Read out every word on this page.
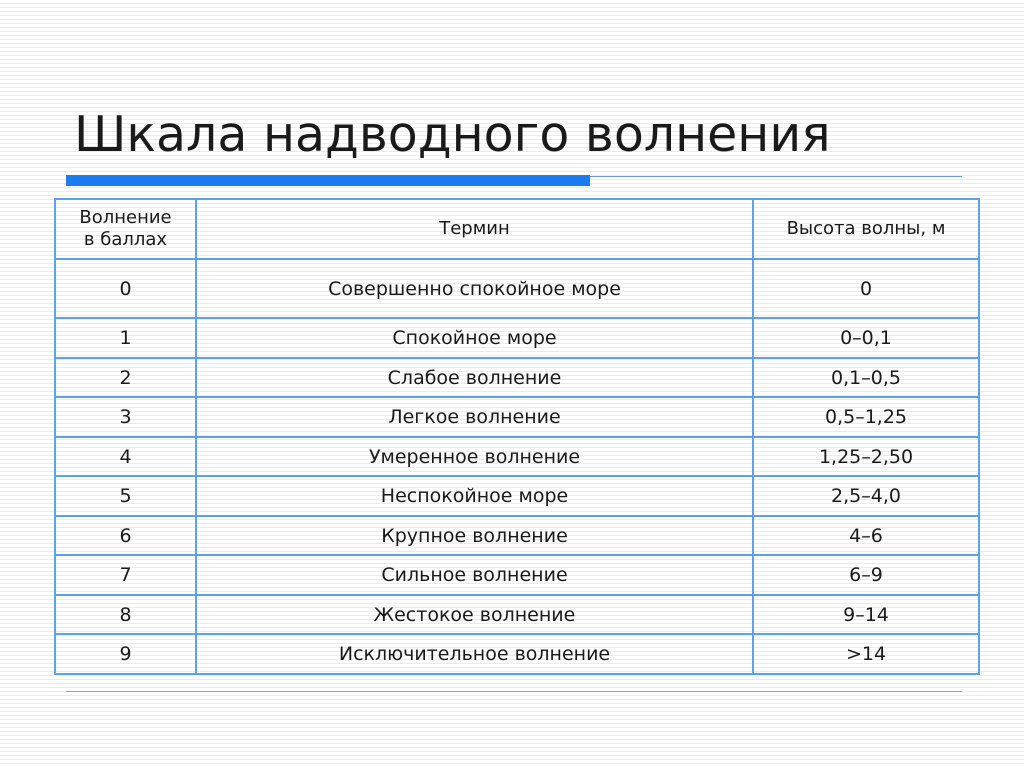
Шкала надводного волнения
Волнение
в баллах	Термин	Высота волны, м
0	Совершенно спокойное море	0
1	Спокойное море	0–0,1
2	Слабое волнение	0,1–0,5
3	Легкое волнение	0,5–1,25
4	Умеренное волнение	1,25–2,50
5	Неспокойное море	2,5–4,0
6	Крупное волнение	4–6
7	Сильное волнение	6–9
8	Жестокое волнение	9–14
9	Исключительное волнение	>14
